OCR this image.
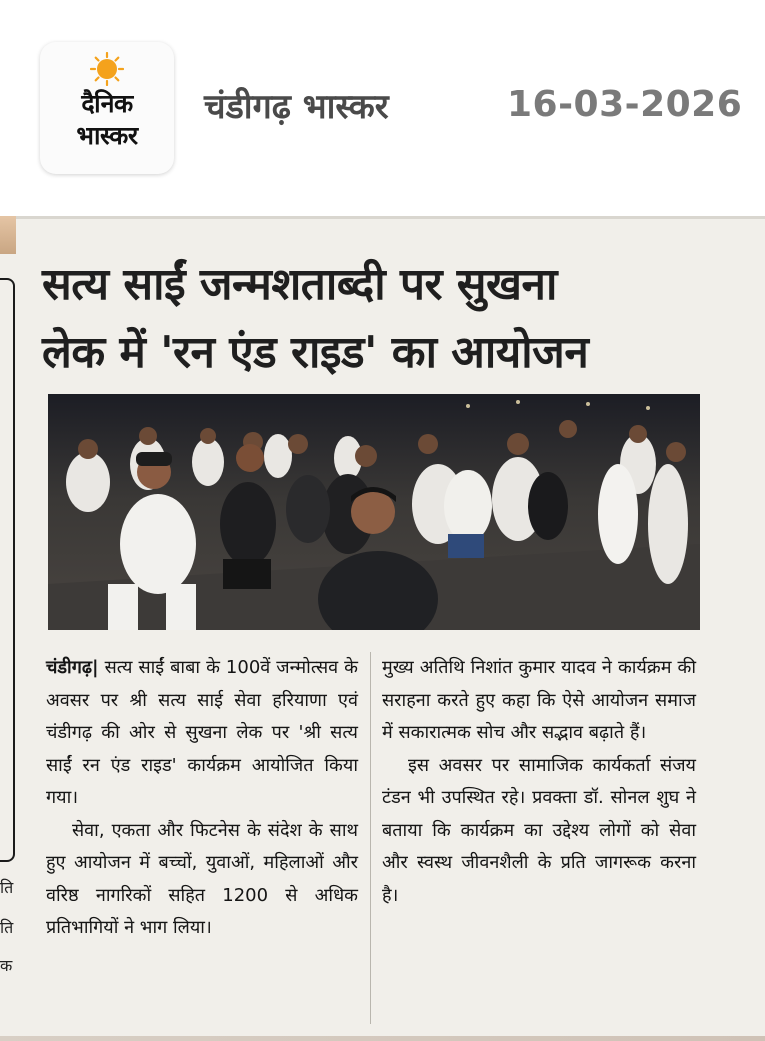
दैनिक
भास्कर
चंडीगढ़ भास्कर	16-03-2026
ति
ति
क
सत्य साईं जन्मशताब्दी पर सुखना
लेक में 'रन एंड राइड' का आयोजन

चंडीगढ़| सत्य साईं बाबा के 100वें जन्मोत्सव के अवसर पर श्री सत्य साई सेवा हरियाणा एवं चंडीगढ़ की ओर से सुखना लेक पर 'श्री सत्य साईं रन एंड राइड' कार्यक्रम आयोजित किया गया।

सेवा, एकता और फिटनेस के संदेश के साथ हुए आयोजन में बच्चों, युवाओं, महिलाओं और वरिष्ठ नागरिकों सहित 1200 से अधिक प्रतिभागियों ने भाग लिया।

मुख्य अतिथि निशांत कुमार यादव ने कार्यक्रम की सराहना करते हुए कहा कि ऐसे आयोजन समाज में सकारात्मक सोच और सद्भाव बढ़ाते हैं।

इस अवसर पर सामाजिक कार्यकर्ता संजय टंडन भी उपस्थित रहे। प्रवक्ता डॉ. सोनल शुघ ने बताया कि कार्यक्रम का उद्देश्य लोगों को सेवा और स्वस्थ जीवनशैली के प्रति जागरूक करना है।
